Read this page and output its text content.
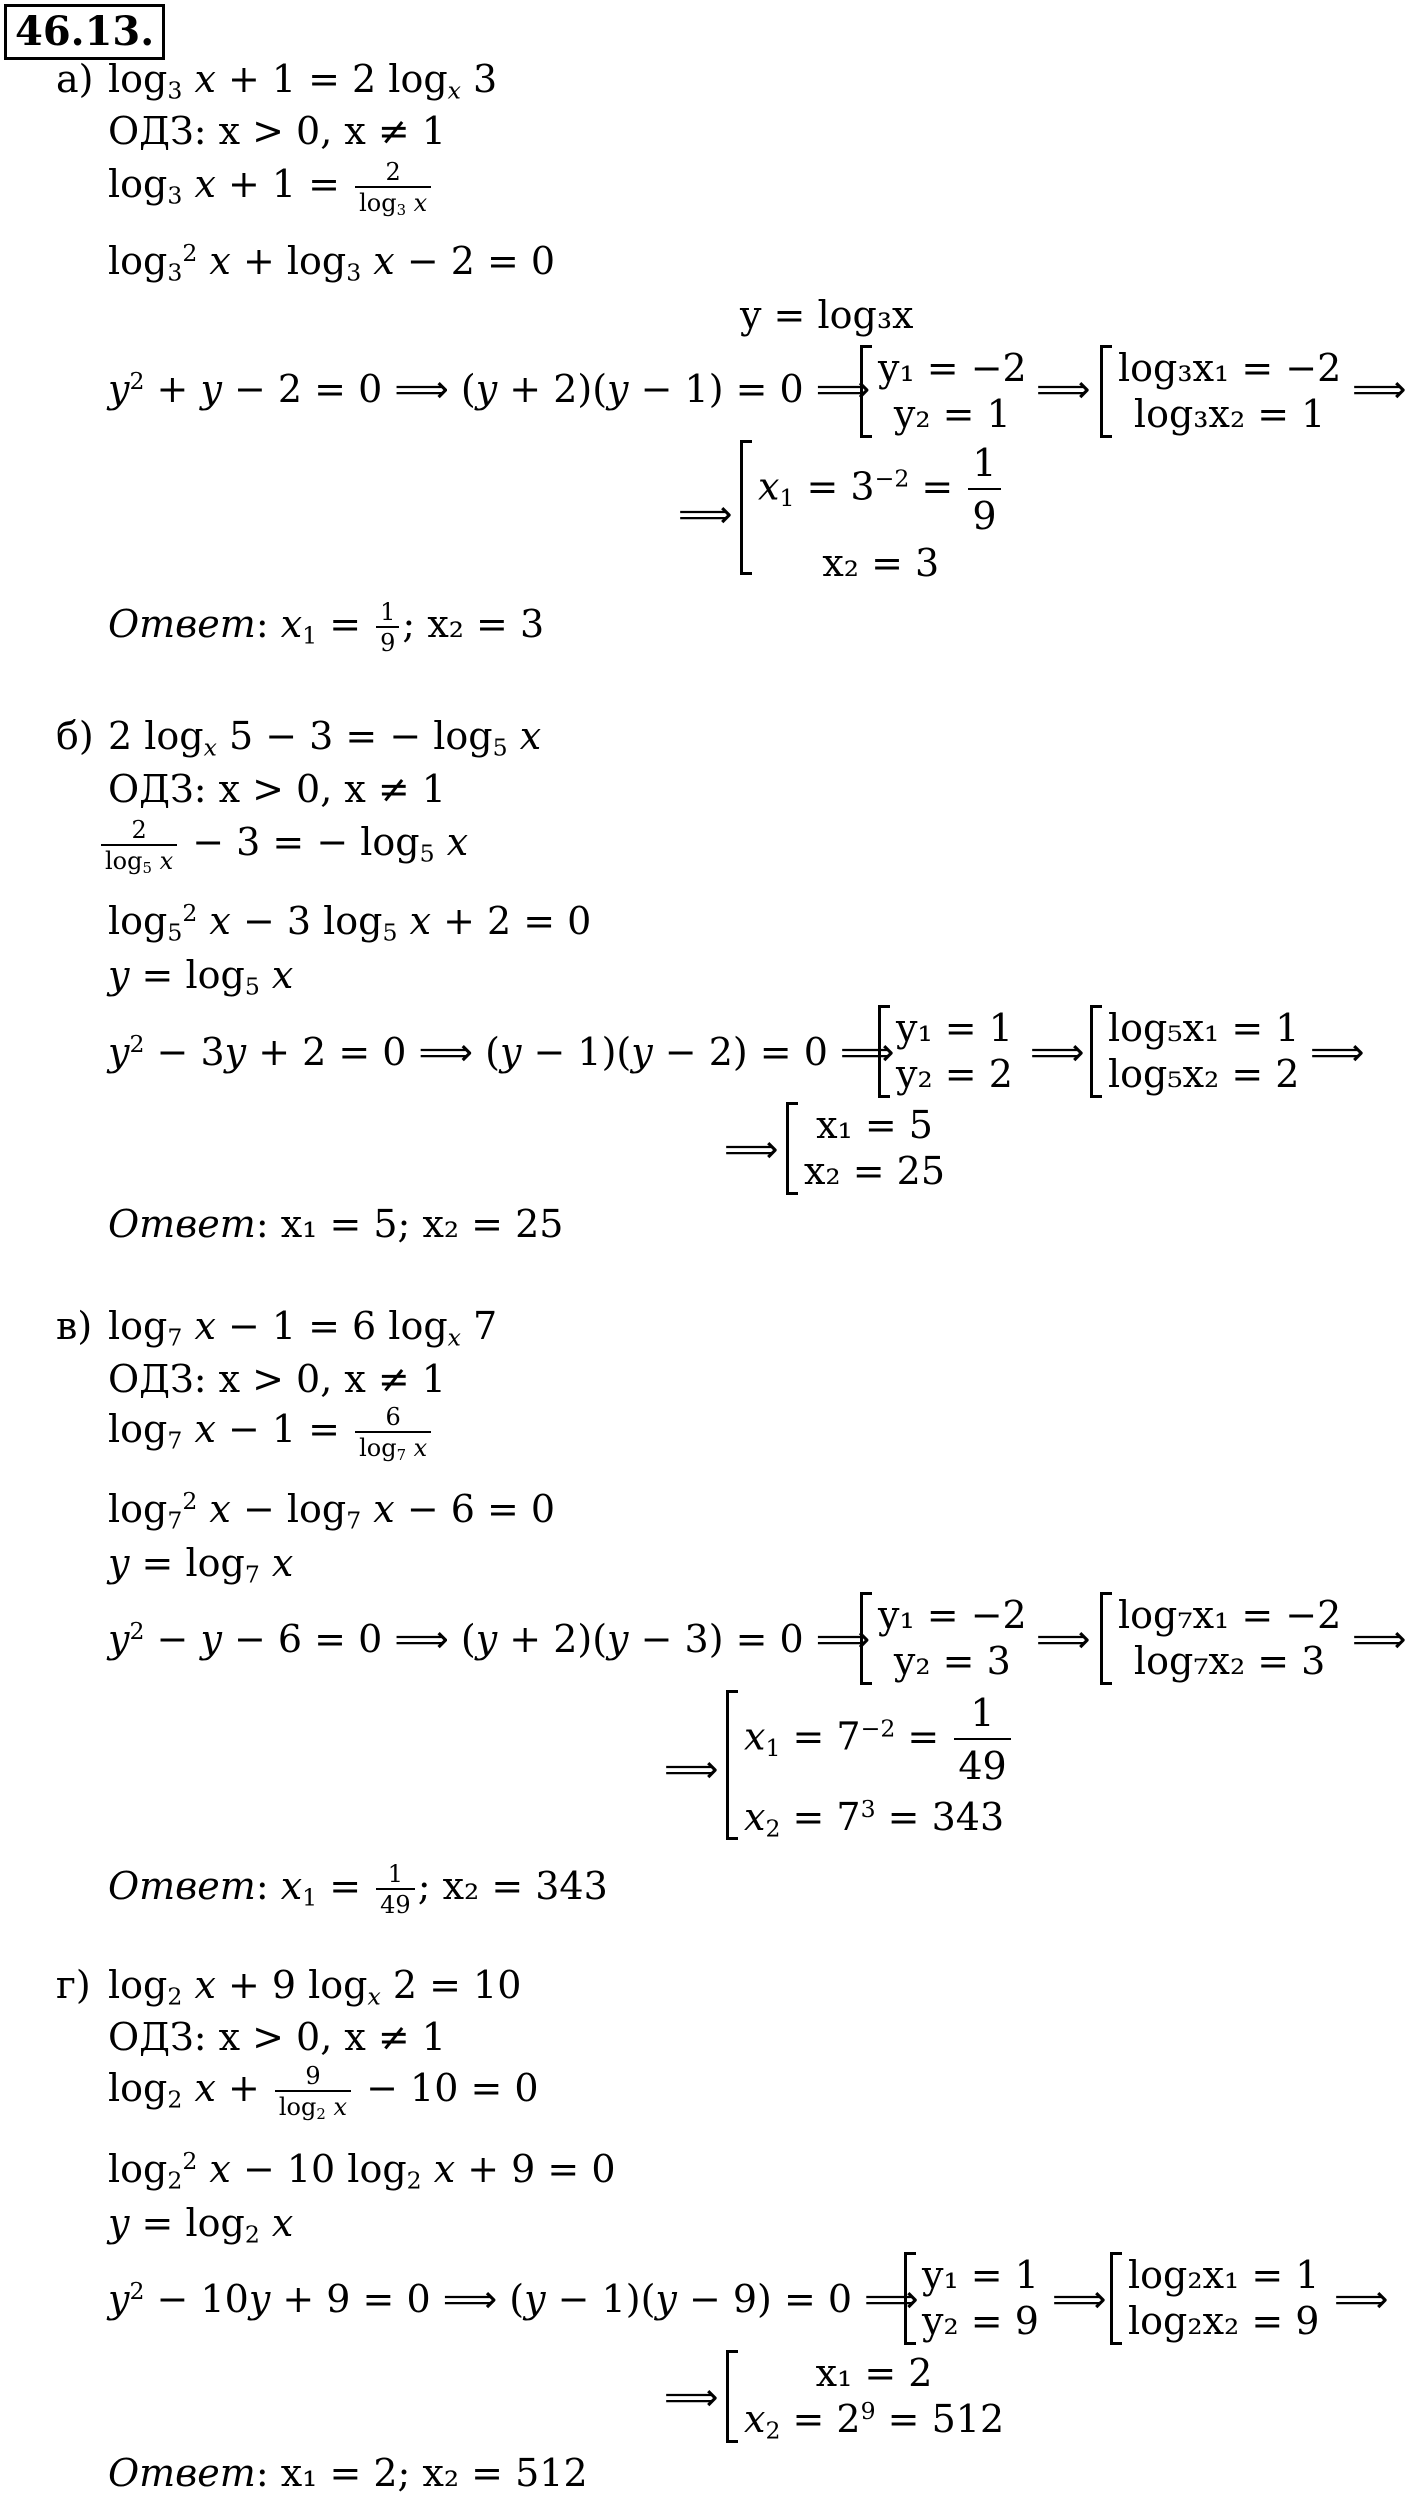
46.13.
а) $\log_3 x + 1 = 2$ $\log_x 3$
ОДЗ: x > 0, x ≠ 1
$\log_3 x + 1 = \frac{2}{\log_3 x}$
$\log_3^2 x + \log_3 x - 2 = 0$
y = log₃x
$y^2 + y - 2 = 0$ ⟹ (y + 2)(y − 1) = 0 ⟹ y₁ = −2
y₂ = 1
⟹ log₃x₁ = −2
log₃x₂ = 1
⟹
⟹
$x_1 = 3^{-2} = \frac{1}{9}$
x₂ = 3
Ответ: $x_1 = \frac{1}{9}$ ; x₂ = 3
б) 2 $\log_x 5 - 3$ = − $\log_5 x$
ОДЗ: x > 0, x ≠ 1
$\frac{2}{\log_5 x} - 3$ = − $\log_5 x$
$\log_5^2 x - 3$ $\log_5 x + 2 = 0$
$y = \log_5 x$
$y^2 - 3y + 2 = 0$ ⟹ (y − 1)(y − 2) = 0 ⟹
y₁ = 1
y₂ = 2
⟹
log₅x₁ = 1
log₅x₂ = 2
⟹
⟹
x₁ = 5
x₂ = 25
Ответ: x₁ = 5; x₂ = 25
в) $\log_7 x - 1 = 6$ $\log_x 7$
ОДЗ: x > 0, x ≠ 1
$\log_7 x - 1 = \frac{6}{\log_7 x}$
$\log_7^2 x - \log_7 x - 6 = 0$
$y = \log_7 x$
$y^2 - y - 6 = 0$ ⟹ (y + 2)(y − 3) = 0 ⟹
y₁ = −2
y₂ = 3
⟹
log₇x₁ = −2
log₇x₂ = 3
⟹
⟹
$x_1 = 7^{-2} = \frac{1}{49}$
$x_2 = 7^3 = 343$
Ответ: $x_1 = \frac{1}{49}$ ; x₂ = 343
г) $\log_2 x + 9$ $\log_x 2 = 10$
ОДЗ: x > 0, x ≠ 1
$\log_2 x + \frac{9}{\log_2 x} - 10 = 0$
$\log_2^2 x - 10$ $\log_2 x + 9 = 0$
$y = \log_2 x$
$y^2 - 10y + 9 = 0$ ⟹ (y − 1)(y − 9) = 0 ⟹
y₁ = 1
y₂ = 9
⟹
log₂x₁ = 1
log₂x₂ = 9
⟹
⟹
x₁ = 2
$x_2 = 2^9 = 512$
Ответ: x₁ = 2; x₂ = 512
